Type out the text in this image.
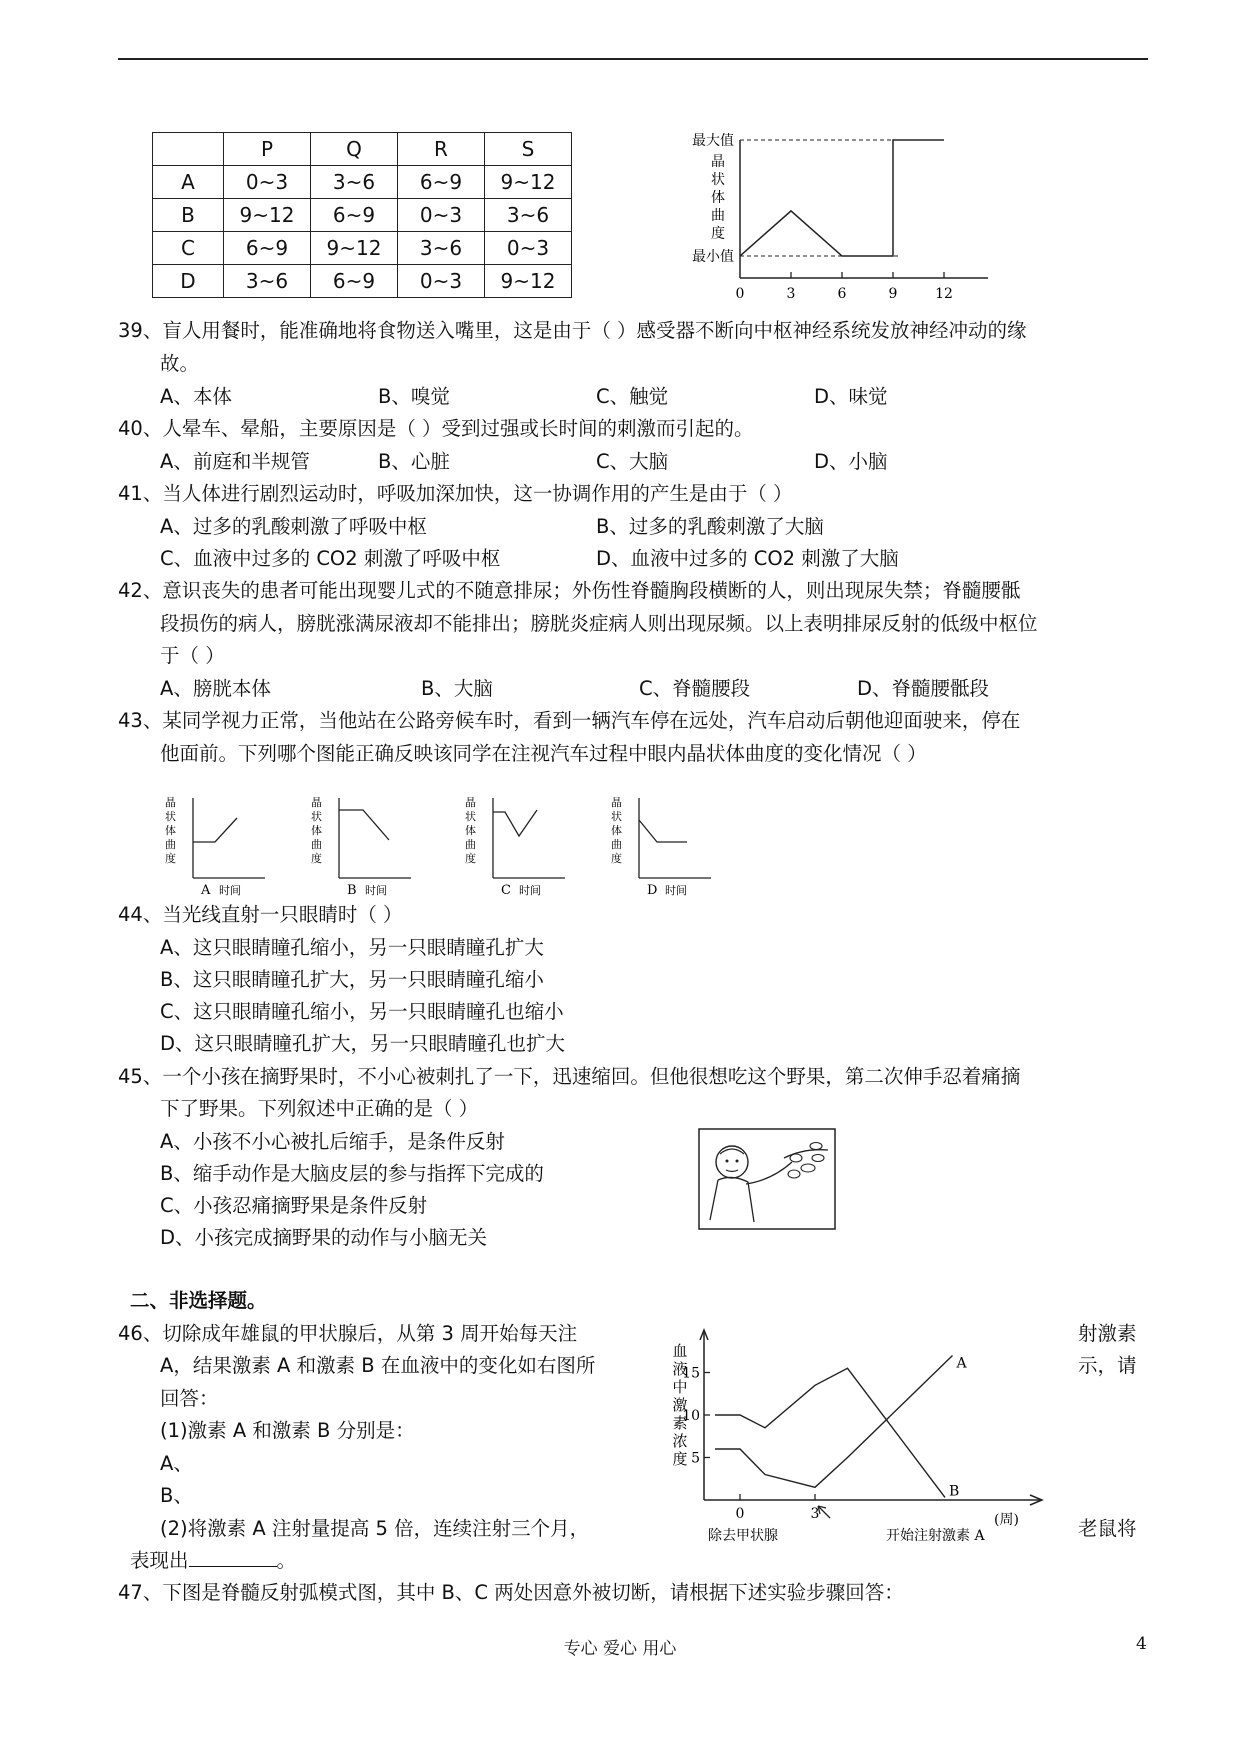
	P	Q	R	S
A	0~3	3~6	6~9	9~12
B	9~12	6~9	0~3	3~6
C	6~9	9~12	3~6	0~3
D	3~6	6~9	0~3	9~12
最大值
最小值
晶
状
体
曲
度
0	3	6	9	12
39、盲人用餐时，能准确地将食物送入嘴里，这是由于（ ）感受器不断向中枢神经系统发放神经冲动的缘
故。
A、本体	B、嗅觉	C、触觉	D、味觉
40、人晕车、晕船，主要原因是（ ）受到过强或长时间的刺激而引起的。
A、前庭和半规管	B、心脏	C、大脑	D、小脑
41、当人体进行剧烈运动时，呼吸加深加快，这一协调作用的产生是由于（ ）
A、过多的乳酸刺激了呼吸中枢	B、过多的乳酸刺激了大脑
C、血液中过多的 CO2 刺激了呼吸中枢	D、血液中过多的 CO2 刺激了大脑
42、意识丧失的患者可能出现婴儿式的不随意排尿；外伤性脊髓胸段横断的人，则出现尿失禁；脊髓腰骶
段损伤的病人，膀胱涨满尿液却不能排出；膀胱炎症病人则出现尿频。以上表明排尿反射的低级中枢位
于（ ）
A、膀胱本体	B、大脑	C、脊髓腰段	D、脊髓腰骶段
43、某同学视力正常，当他站在公路旁候车时，看到一辆汽车停在远处，汽车启动后朝他迎面驶来，停在
他面前。下列哪个图能正确反映该同学在注视汽车过程中眼内晶状体曲度的变化情况（ ）
晶
状
体
曲
度
A 时间
晶
状
体
曲
度
B 时间
晶
状
体
曲
度
C 时间
晶
状
体
曲
度
D 时间
44、当光线直射一只眼睛时（ ）
A、这只眼睛瞳孔缩小，另一只眼睛瞳孔扩大
B、这只眼睛瞳孔扩大，另一只眼睛瞳孔缩小
C、这只眼睛瞳孔缩小，另一只眼睛瞳孔也缩小
D、这只眼睛瞳孔扩大，另一只眼睛瞳孔也扩大
45、一个小孩在摘野果时，不小心被刺扎了一下，迅速缩回。但他很想吃这个野果，第二次伸手忍着痛摘
下了野果。下列叙述中正确的是（ ）
A、小孩不小心被扎后缩手，是条件反射
B、缩手动作是大脑皮层的参与指挥下完成的
C、小孩忍痛摘野果是条件反射
D、小孩完成摘野果的动作与小脑无关
二、非选择题。
46、切除成年雄鼠的甲状腺后，从第 3 周开始每天注	射激素
A，结果激素 A 和激素 B 在血液中的变化如右图所	示，请
回答：
(1)激素 A 和激素 B 分别是：
A、
B、
(2)将激素 A 注射量提高 5 倍，连续注射三个月，	老鼠将
表现出	。
血
液
中
激
素
浓
度 5
10
15
0	3
A
B
(周)
除去甲状腺	开始注射激素 A
47、下图是脊髓反射弧模式图，其中 B、C 两处因意外被切断，请根据下述实验步骤回答：
专心 爱心 用心	4
